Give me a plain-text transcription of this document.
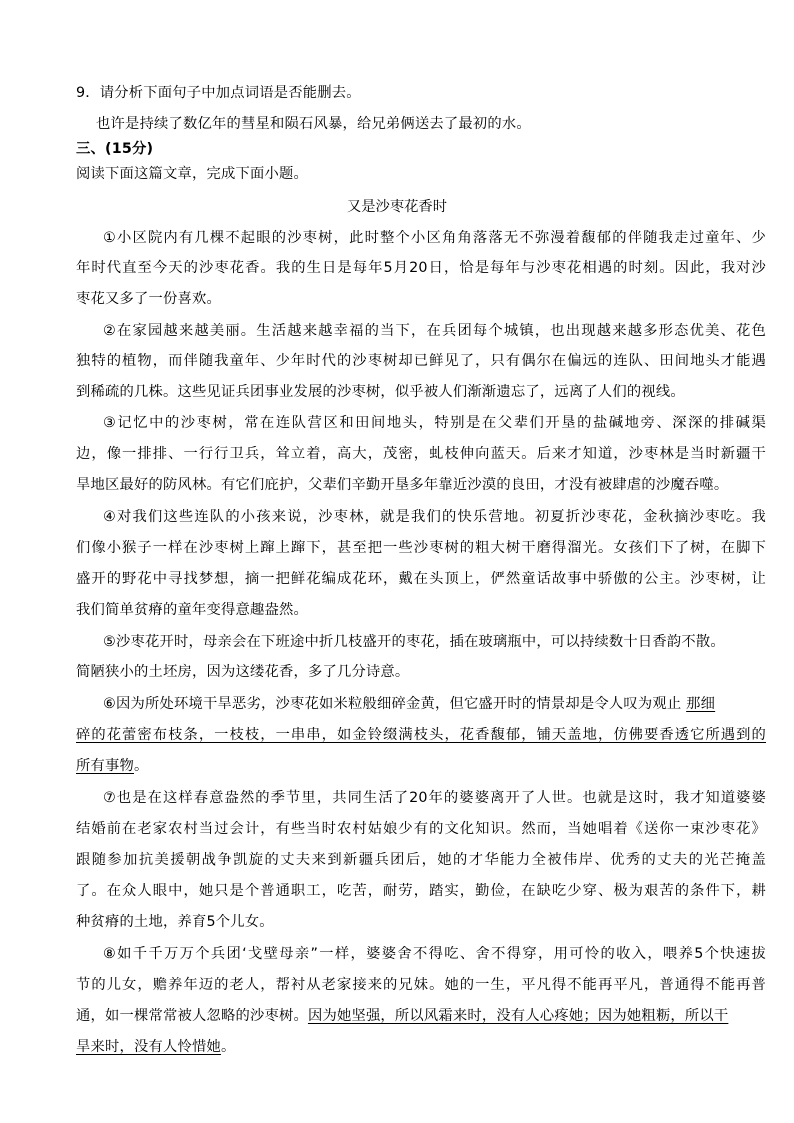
9．请分析下面句子中加点词语是否能删去。
也许是持续了数亿年的彗星和陨石风暴，给兄弟俩送去了最初的水。
三、(15分)
阅读下面这篇文章，完成下面小题。
又是沙枣花香时
①小区院内有几棵不起眼的沙枣树，此时整个小区角角落落无不弥漫着馥郁的伴随我走过童年、少
年时代直至今天的沙枣花香。我的生日是每年5月20日，恰是每年与沙枣花相遇的时刻。因此，我对沙
枣花又多了一份喜欢。
②在家园越来越美丽。生活越来越幸福的当下，在兵团每个城镇，也出现越来越多形态优美、花色
独特的植物，而伴随我童年、少年时代的沙枣树却已鲜见了，只有偶尔在偏远的连队、田间地头才能遇
到稀疏的几株。这些见证兵团事业发展的沙枣树，似乎被人们渐渐遗忘了，远离了人们的视线。
③记忆中的沙枣树，常在连队营区和田间地头，特别是在父辈们开垦的盐碱地旁、深深的排碱渠
边，像一排排、一行行卫兵，耸立着，高大，茂密，虬枝伸向蓝天。后来才知道，沙枣林是当时新疆干
旱地区最好的防风林。有它们庇护，父辈们辛勤开垦多年靠近沙漠的良田，才没有被肆虐的沙魔吞噬。
④对我们这些连队的小孩来说，沙枣林，就是我们的快乐营地。初夏折沙枣花，金秋摘沙枣吃。我
们像小猴子一样在沙枣树上蹿上蹿下，甚至把一些沙枣树的粗大树干磨得溜光。女孩们下了树，在脚下
盛开的野花中寻找梦想，摘一把鲜花编成花环，戴在头顶上，俨然童话故事中骄傲的公主。沙枣树，让
我们简单贫瘠的童年变得意趣盎然。
⑤沙枣花开时，母亲会在下班途中折几枝盛开的枣花，插在玻璃瓶中，可以持续数十日香韵不散。
简陋狭小的土坯房，因为这缕花香，多了几分诗意。
⑥因为所处环境干旱恶劣，沙枣花如米粒般细碎金黄，但它盛开时的情景却是令人叹为观止 那细
碎的花蕾密布枝条，一枝枝，一串串，如金铃缀满枝头，花香馥郁，铺天盖地，仿佛要香透它所遇到的
所有事物。
⑦也是在这样春意盎然的季节里，共同生活了20年的婆婆离开了人世。也就是这时，我才知道婆婆
结婚前在老家农村当过会计，有些当时农村姑娘少有的文化知识。然而，当她唱着《送你一束沙枣花》
跟随参加抗美援朝战争凯旋的丈夫来到新疆兵团后，她的才华能力全被伟岸、优秀的丈夫的光芒掩盖
了。在众人眼中，她只是个普通职工，吃苦，耐劳，踏实，勤俭，在缺吃少穿、极为艰苦的条件下，耕
种贫瘠的土地，养育5个儿女。
⑧如千千万万个兵团‘戈壁母亲”一样，婆婆舍不得吃、舍不得穿，用可怜的收入，喂养5个快速拔
节的儿女，赡养年迈的老人，帮衬从老家接来的兄妹。她的一生，平凡得不能再平凡，普通得不能再普
通，如一棵常常被人忽略的沙枣树。因为她坚强，所以风霜来时，没有人心疼她；因为她粗粝，所以干
旱来时，没有人怜惜她。
